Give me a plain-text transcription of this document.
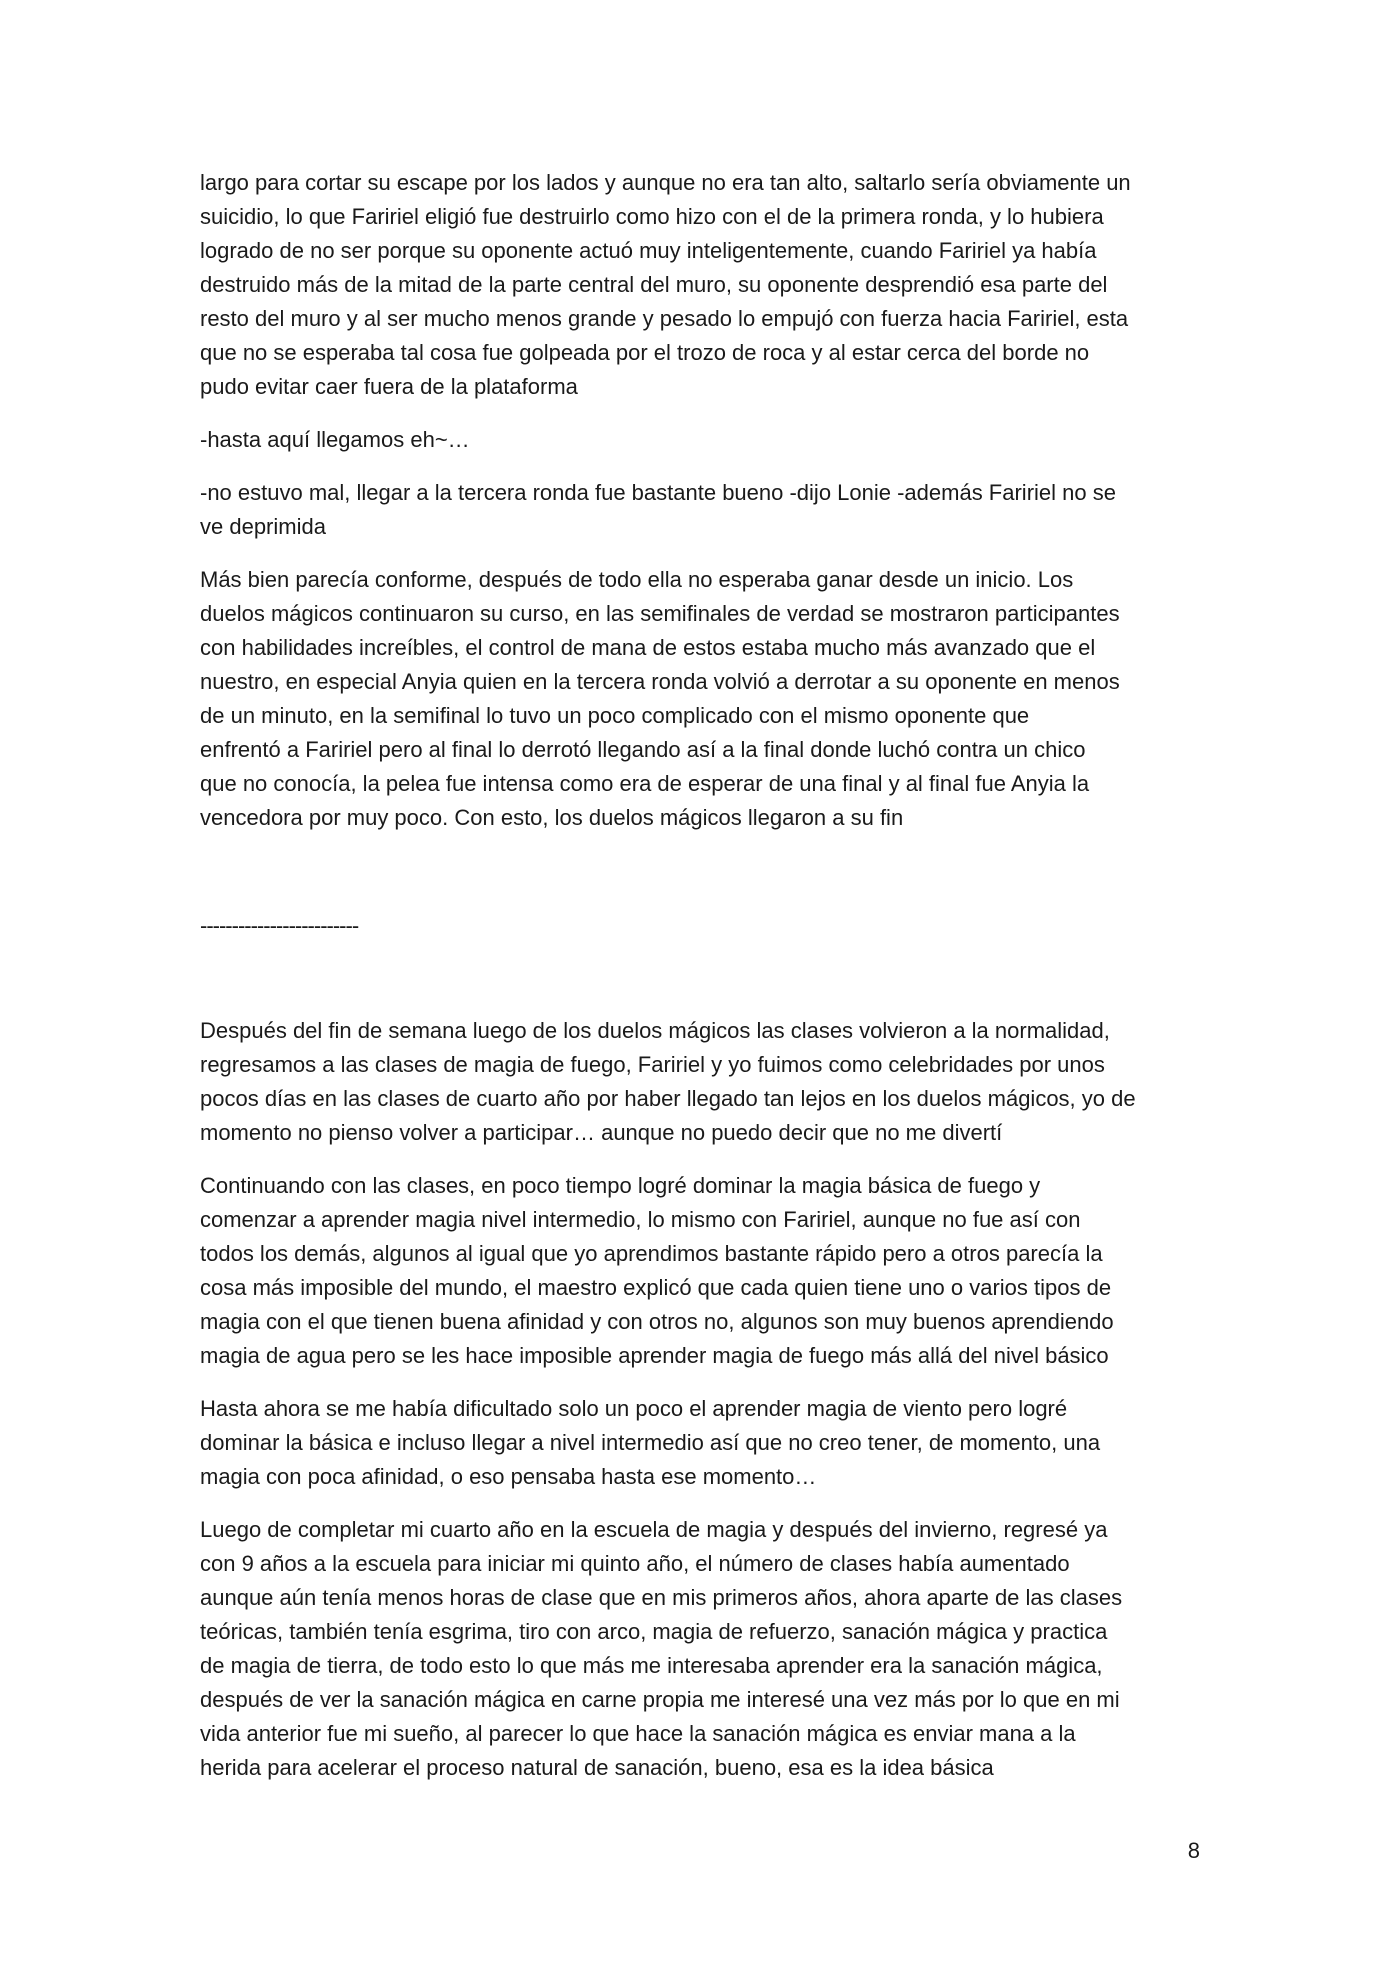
largo para cortar su escape por los lados y aunque no era tan alto, saltarlo sería obviamente un
suicidio, lo que Faririel eligió fue destruirlo como hizo con el de la primera ronda, y lo hubiera
logrado de no ser porque su oponente actuó muy inteligentemente, cuando Faririel ya había
destruido más de la mitad de la parte central del muro, su oponente desprendió esa parte del
resto del muro y al ser mucho menos grande y pesado lo empujó con fuerza hacia Faririel, esta
que no se esperaba tal cosa fue golpeada por el trozo de roca y al estar cerca del borde no
pudo evitar caer fuera de la plataforma
-hasta aquí llegamos eh~…
-no estuvo mal, llegar a la tercera ronda fue bastante bueno -dijo Lonie -además Faririel no se
ve deprimida
Más bien parecía conforme, después de todo ella no esperaba ganar desde un inicio. Los
duelos mágicos continuaron su curso, en las semifinales de verdad se mostraron participantes
con habilidades increíbles, el control de mana de estos estaba mucho más avanzado que el
nuestro, en especial Anyia quien en la tercera ronda volvió a derrotar a su oponente en menos
de un minuto, en la semifinal lo tuvo un poco complicado con el mismo oponente que
enfrentó a Faririel pero al final lo derrotó llegando así a la final donde luchó contra un chico
que no conocía, la pelea fue intensa como era de esperar de una final y al final fue Anyia la
vencedora por muy poco. Con esto, los duelos mágicos llegaron a su fin
-------------------------
Después del fin de semana luego de los duelos mágicos las clases volvieron a la normalidad,
regresamos a las clases de magia de fuego, Faririel y yo fuimos como celebridades por unos
pocos días en las clases de cuarto año por haber llegado tan lejos en los duelos mágicos, yo de
momento no pienso volver a participar… aunque no puedo decir que no me divertí
Continuando con las clases, en poco tiempo logré dominar la magia básica de fuego y
comenzar a aprender magia nivel intermedio, lo mismo con Faririel, aunque no fue así con
todos los demás, algunos al igual que yo aprendimos bastante rápido pero a otros parecía la
cosa más imposible del mundo, el maestro explicó que cada quien tiene uno o varios tipos de
magia con el que tienen buena afinidad y con otros no, algunos son muy buenos aprendiendo
magia de agua pero se les hace imposible aprender magia de fuego más allá del nivel básico
Hasta ahora se me había dificultado solo un poco el aprender magia de viento pero logré
dominar la básica e incluso llegar a nivel intermedio así que no creo tener, de momento, una
magia con poca afinidad, o eso pensaba hasta ese momento…
Luego de completar mi cuarto año en la escuela de magia y después del invierno, regresé ya
con 9 años a la escuela para iniciar mi quinto año, el número de clases había aumentado
aunque aún tenía menos horas de clase que en mis primeros años, ahora aparte de las clases
teóricas, también tenía esgrima, tiro con arco, magia de refuerzo, sanación mágica y practica
de magia de tierra, de todo esto lo que más me interesaba aprender era la sanación mágica,
después de ver la sanación mágica en carne propia me interesé una vez más por lo que en mi
vida anterior fue mi sueño, al parecer lo que hace la sanación mágica es enviar mana a la
herida para acelerar el proceso natural de sanación, bueno, esa es la idea básica
8
